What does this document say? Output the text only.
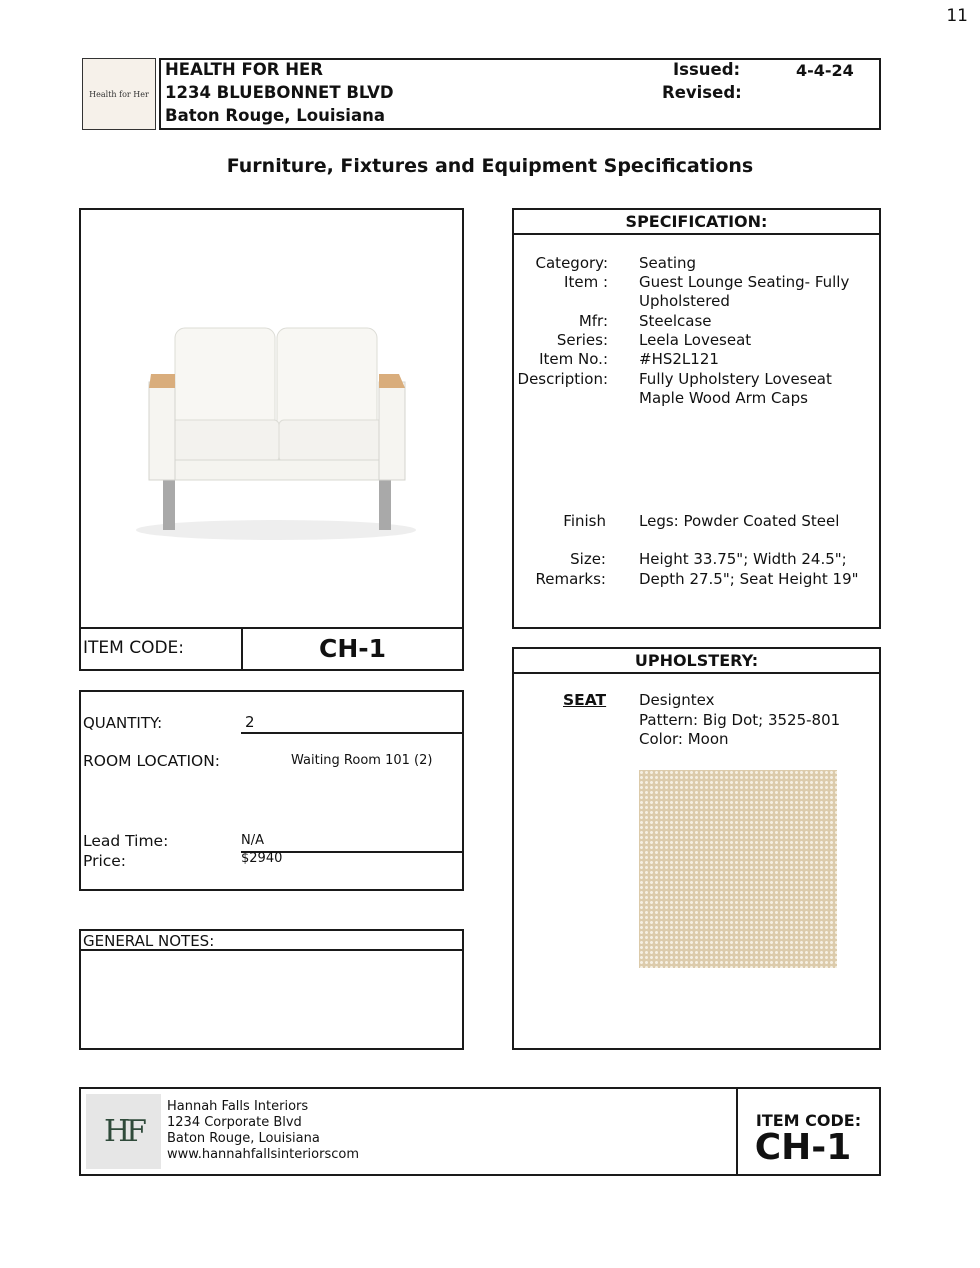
11
Health for Her
HEALTH FOR HER
1234 BLUEBONNET BLVD
Baton Rouge, Louisiana
Issued:	4-4-24
Revised:
Furniture, Fixtures and Equipment Specifications
ITEM CODE:	CH-1
QUANTITY:	2
ROOM LOCATION:	Waiting Room 101 (2)
Lead Time:	N/A
Price:	$2940
GENERAL NOTES:
SPECIFICATION:
Category: Seating
Item : Guest Lounge Seating- Fully
Upholstered
Mfr: Steelcase
Series: Leela Loveseat
Item No.: #HS2L121
Description: Fully Upholstery Loveseat
Maple Wood Arm Caps
Finish Legs: Powder Coated Steel
Size: Height 33.75"; Width 24.5";
Remarks: Depth 27.5"; Seat Height 19"
UPHOLSTERY:
SEAT Designtex
Pattern: Big Dot; 3525-801
Color: Moon
HF
Hannah Falls Interiors
1234 Corporate Blvd
Baton Rouge, Louisiana
www.hannahfallsinteriorscom
ITEM CODE:
CH-1
